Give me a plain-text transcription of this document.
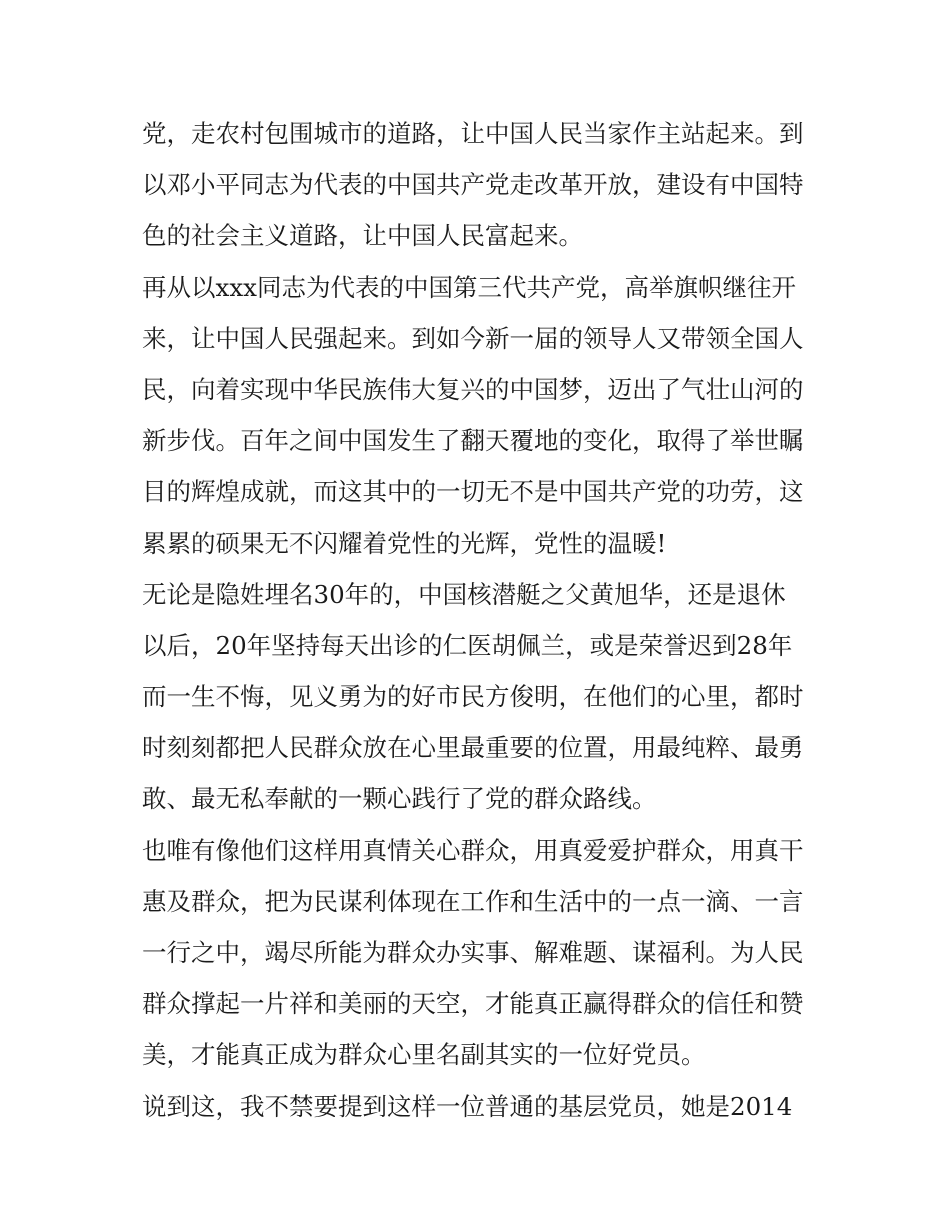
党，走农村包围城市的道路，让中国人民当家作主站起来。到
以邓小平同志为代表的中国共产党走改革开放，建设有中国特
色的社会主义道路，让中国人民富起来。
再从以xxx同志为代表的中国第三代共产党，高举旗帜继往开
来，让中国人民强起来。到如今新一届的领导人又带领全国人
民，向着实现中华民族伟大复兴的中国梦，迈出了气壮山河的
新步伐。百年之间中国发生了翻天覆地的变化，取得了举世瞩
目的辉煌成就，而这其中的一切无不是中国共产党的功劳，这
累累的硕果无不闪耀着党性的光辉，党性的温暖!
无论是隐姓埋名30年的，中国核潜艇之父黄旭华，还是退休
以后，20年坚持每天出诊的仁医胡佩兰，或是荣誉迟到28年
而一生不悔，见义勇为的好市民方俊明，在他们的心里，都时
时刻刻都把人民群众放在心里最重要的位置，用最纯粹、最勇
敢、最无私奉献的一颗心践行了党的群众路线。
也唯有像他们这样用真情关心群众，用真爱爱护群众，用真干
惠及群众，把为民谋利体现在工作和生活中的一点一滴、一言
一行之中，竭尽所能为群众办实事、解难题、谋福利。为人民
群众撑起一片祥和美丽的天空，才能真正赢得群众的信任和赞
美，才能真正成为群众心里名副其实的一位好党员。
说到这，我不禁要提到这样一位普通的基层党员，她是2014
